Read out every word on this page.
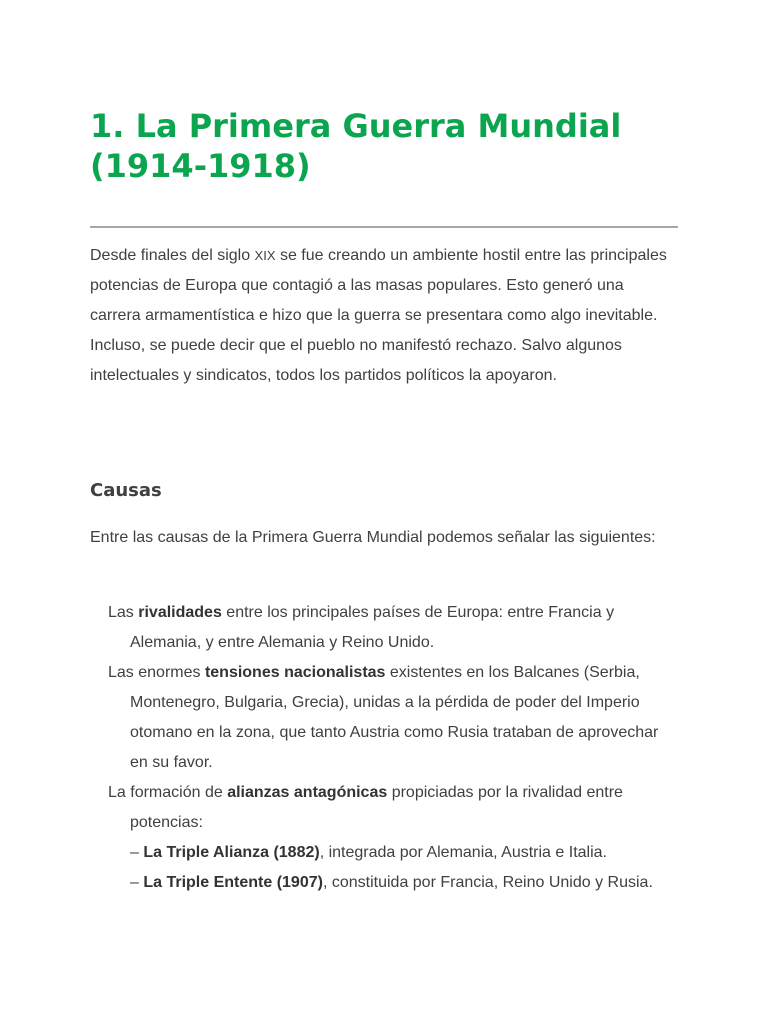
1. La Primera Guerra Mundial (1914-1918)

Desde finales del siglo XIX se fue creando un ambiente hostil entre las principales potencias de Europa que contagió a las masas populares. Esto generó una carrera armamentística e hizo que la guerra se presentara como algo inevitable. Incluso, se puede decir que el pueblo no manifestó rechazo. Salvo algunos intelectuales y sindicatos, todos los partidos políticos la apoyaron.

Causas

Entre las causas de la Primera Guerra Mundial podemos señalar las siguientes:

Las rivalidades entre los principales países de Europa: entre Francia y Alemania, y entre Alemania y Reino Unido.
Las enormes tensiones nacionalistas existentes en los Balcanes (Serbia, Montenegro, Bulgaria, Grecia), unidas a la pérdida de poder del Imperio otomano en la zona, que tanto Austria como Rusia trataban de aprovechar en su favor.
La formación de alianzas antagónicas propiciadas por la rivalidad entre potencias:
– La Triple Alianza (1882), integrada por Alemania, Austria e Italia.
– La Triple Entente (1907), constituida por Francia, Reino Unido y Rusia.
